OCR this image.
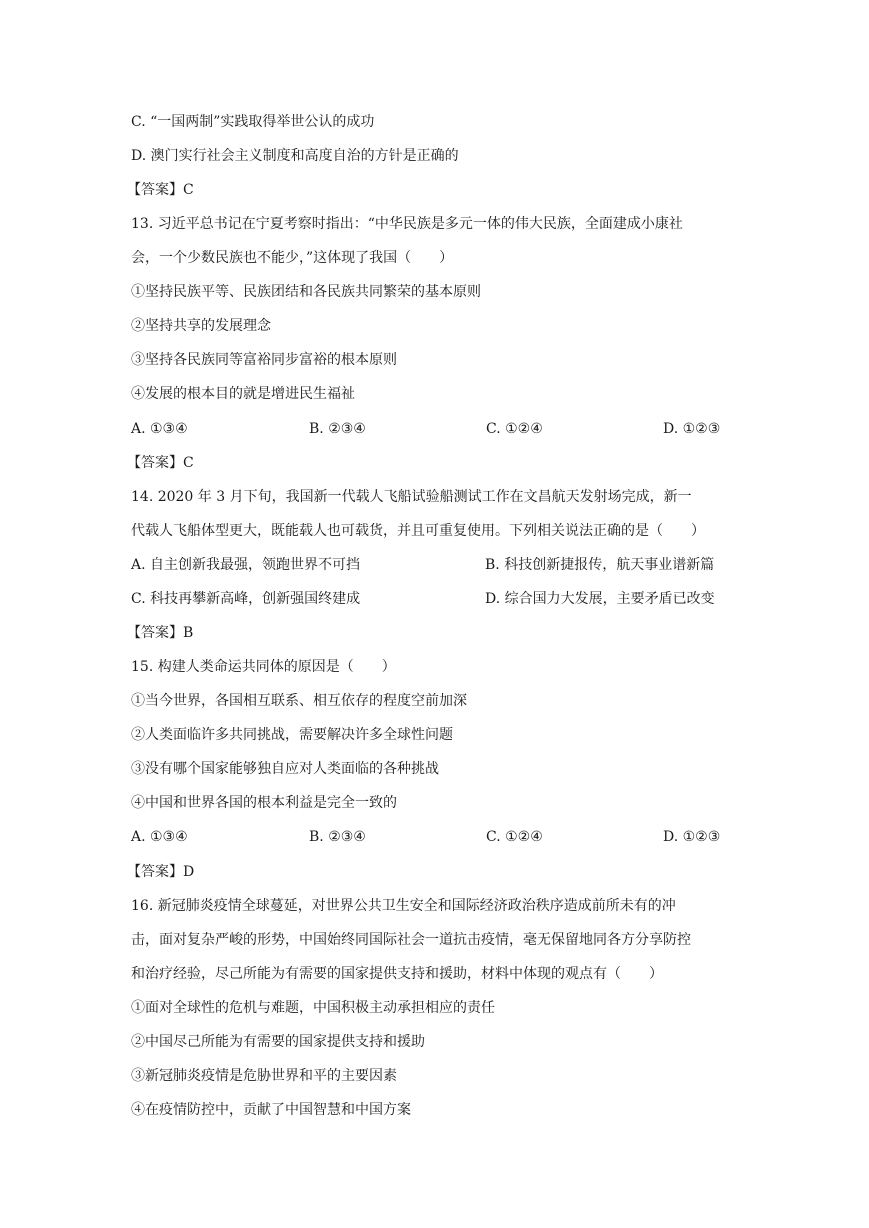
C. “一国两制”实践取得举世公认的成功
D. 澳门实行社会主义制度和高度自治的方针是正确的
【答案】C
13. 习近平总书记在宁夏考察时指出：“中华民族是多元一体的伟大民族，全面建成小康社
会，一个少数民族也不能少，”这体现了我国（　　）
①坚持民族平等、民族团结和各民族共同繁荣的基本原则
②坚持共享的发展理念
③坚持各民族同等富裕同步富裕的根本原则
④发展的根本目的就是增进民生福祉
A. ①③④	B. ②③④	C. ①②④	D. ①②③
【答案】C
14. 2020 年 3 月下旬，我国新一代载人飞船试验船测试工作在文昌航天发射场完成，新一
代载人飞船体型更大，既能载人也可载货，并且可重复使用。下列相关说法正确的是（　　）
A. 自主创新我最强，领跑世界不可挡	B. 科技创新捷报传，航天事业谱新篇
C. 科技再攀新高峰，创新强国终建成	D. 综合国力大发展，主要矛盾已改变
【答案】B
15. 构建人类命运共同体的原因是（　　）
①当今世界，各国相互联系、相互依存的程度空前加深
②人类面临许多共同挑战，需要解决许多全球性问题
③没有哪个国家能够独自应对人类面临的各种挑战
④中国和世界各国的根本利益是完全一致的
A. ①③④	B. ②③④	C. ①②④	D. ①②③
【答案】D
16. 新冠肺炎疫情全球蔓延，对世界公共卫生安全和国际经济政治秩序造成前所未有的冲
击，面对复杂严峻的形势，中国始终同国际社会一道抗击疫情，毫无保留地同各方分享防控
和治疗经验，尽己所能为有需要的国家提供支持和援助，材料中体现的观点有（　　）
①面对全球性的危机与难题，中国积极主动承担相应的责任
②中国尽己所能为有需要的国家提供支持和援助
③新冠肺炎疫情是危胁世界和平的主要因素
④在疫情防控中，贡献了中国智慧和中国方案
